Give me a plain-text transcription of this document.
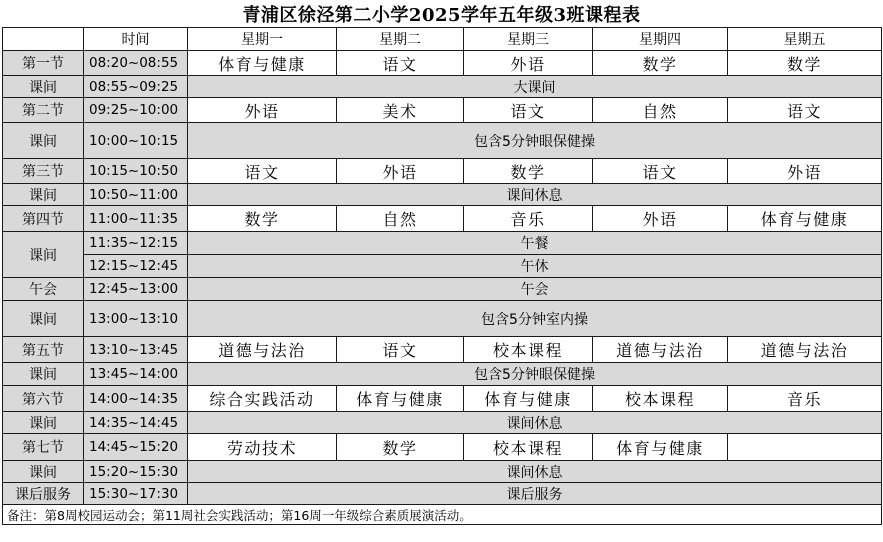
青浦区徐泾第二小学2025学年五年级3班课程表
	时间	星期一	星期二	星期三	星期四	星期五
第一节	08:20~08:55	体育与健康	语文	外语	数学	数学
课间	08:55~09:25	大课间				
第二节	09:25~10:00	外语	美术	语文	自然	语文
课间	10:00~10:15	包含5分钟眼保健操				
第三节	10:15~10:50	语文	外语	数学	语文	外语
课间	10:50~11:00	课间休息				
第四节	11:00~11:35	数学	自然	音乐	外语	体育与健康
课间	11:35~12:15	午餐				
	12:15~12:45	午休				
午会	12:45~13:00	午会				
课间	13:00~13:10	包含5分钟室内操				
第五节	13:10~13:45	道德与法治	语文	校本课程	道德与法治	道德与法治
课间	13:45~14:00	包含5分钟眼保健操				
第六节	14:00~14:35	综合实践活动	体育与健康	体育与健康	校本课程	音乐
课间	14:35~14:45	课间休息				
第七节	14:45~15:20	劳动技术	数学	校本课程	体育与健康	
课间	15:20~15:30	课间休息				
课后服务	15:30~17:30	课后服务				
备注：第8周校园运动会；第11周社会实践活动；第16周一年级综合素质展演活动。						
